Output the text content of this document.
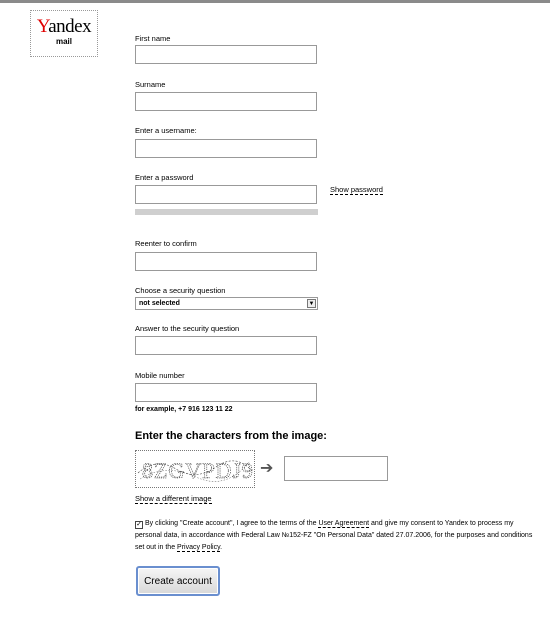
Yandex
mail	First name
Surname
Enter a username:
Enter a password
Show password
Reenter to confirm
Choose a security question
not selected	▼
Answer to the security question
Mobile number
for example, +7 916 123 11 22
Enter the characters from the image:
8ZGVPDJ9 ➔
Show a different image
✓ By clicking "Create account", I agree to the terms of the User Agreement and give my consent to Yandex to process my personal data, in accordance with Federal Law №152-FZ "On Personal Data" dated 27.07.2006, for the purposes and conditions set out in the Privacy Policy.
Create account
